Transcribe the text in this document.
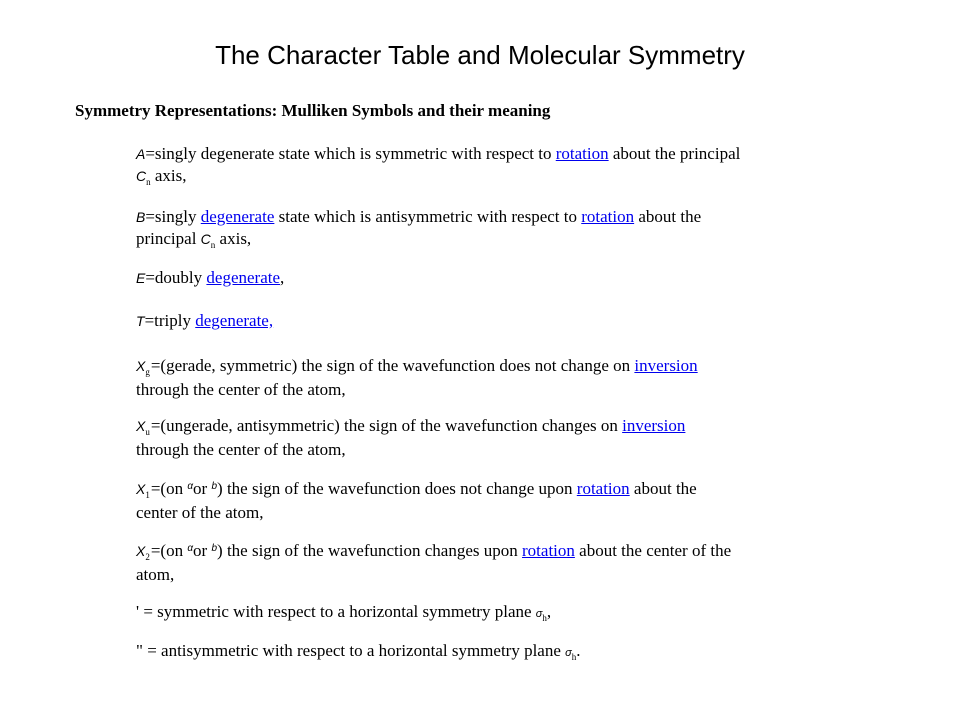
The Character Table and Molecular Symmetry
Symmetry Representations: Mulliken Symbols and their meaning
A=singly degenerate state which is symmetric with respect to rotation about the principal
$C_n$ axis,
B=singly degenerate state which is antisymmetric with respect to rotation about the
principal $C_n$ axis,
E=doubly degenerate,
T=triply degenerate,
$X_g=(gerade$, symmetric) the sign of the wavefunction does not change on inversion
through the center of the atom,
$X_u=(ungerade$, antisymmetric) the sign of the wavefunction changes on inversion
through the center of the atom,
$X_1=(on$ $^\alpha$or $^b$) the sign of the wavefunction does not change upon rotation about the
center of the atom,
$X_2=(on$ $^\alpha$or $^b$) the sign of the wavefunction changes upon rotation about the center of the
atom,
' = symmetric with respect to a horizontal symmetry plane $\sigma_h$,
" = antisymmetric with respect to a horizontal symmetry plane $\sigma_h$.
